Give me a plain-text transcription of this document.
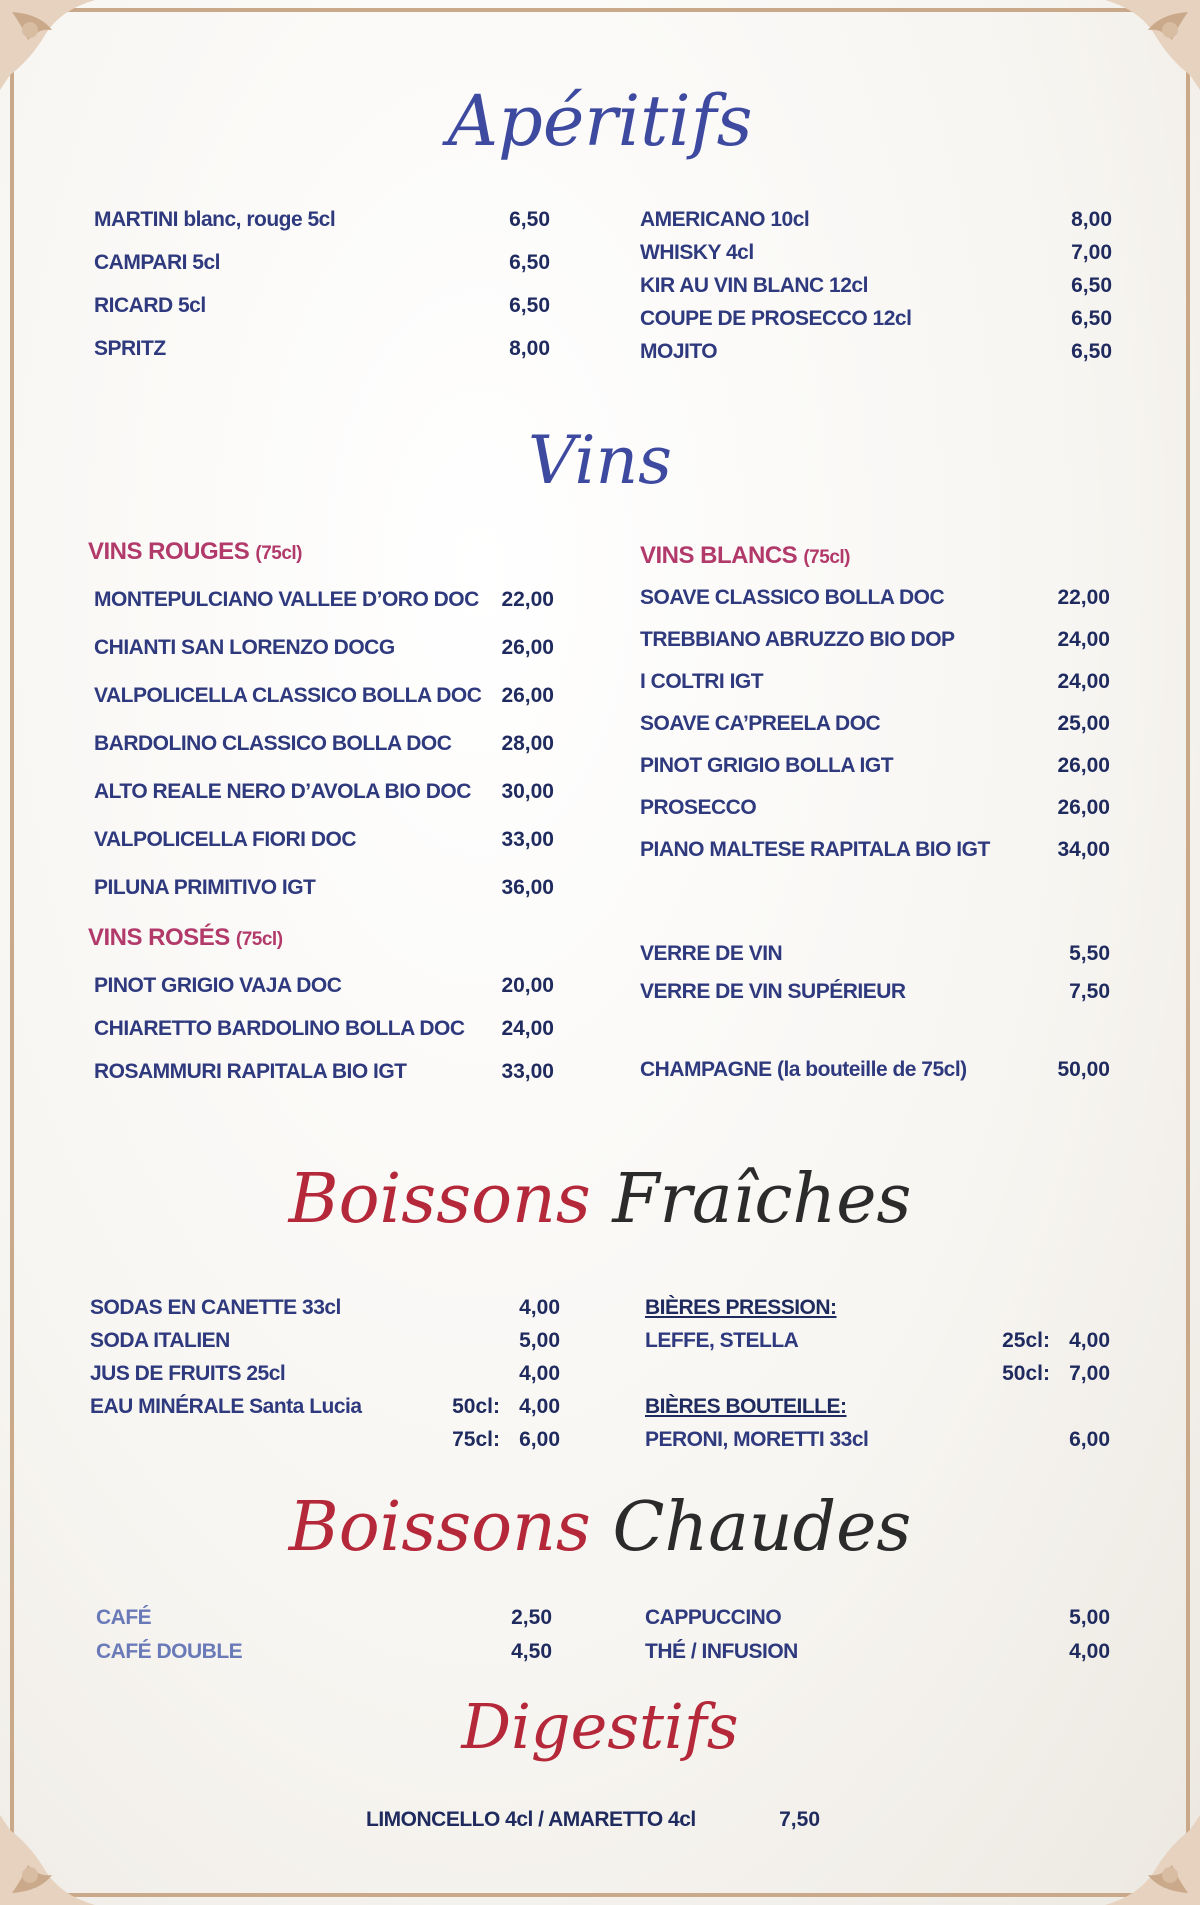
Apéritifs
MARTINI blanc, rouge 5cl	6,50
CAMPARI 5cl	6,50
RICARD 5cl	6,50
SPRITZ	8,00
AMERICANO 10cl	8,00
WHISKY 4cl	7,00
KIR AU VIN BLANC 12cl	6,50
COUPE DE PROSECCO 12cl	6,50
MOJITO	6,50
Vins
VINS ROUGES (75cl)
MONTEPULCIANO VALLEE D’ORO DOC 22,00
CHIANTI SAN LORENZO DOCG	26,00
VALPOLICELLA CLASSICO BOLLA DOC 26,00
BARDOLINO CLASSICO BOLLA DOC 28,00
ALTO REALE NERO D’AVOLA BIO DOC 30,00
VALPOLICELLA FIORI DOC	33,00
PILUNA PRIMITIVO IGT	36,00
VINS ROSÉS (75cl)
PINOT GRIGIO VAJA DOC	20,00
CHIARETTO BARDOLINO BOLLA DOC 24,00
ROSAMMURI RAPITALA BIO IGT	33,00
VINS BLANCS (75cl)
SOAVE CLASSICO BOLLA DOC	22,00
TREBBIANO ABRUZZO BIO DOP	24,00
I COLTRI IGT	24,00
SOAVE CA’PREELA DOC	25,00
PINOT GRIGIO BOLLA IGT	26,00
PROSECCO	26,00
PIANO MALTESE RAPITALA BIO IGT	34,00
VERRE DE VIN	5,50
VERRE DE VIN SUPÉRIEUR	7,50
CHAMPAGNE (la bouteille de 75cl)	50,00
Boissons Fraîches
SODAS EN CANETTE 33cl	4,00
SODA ITALIEN	5,00
JUS DE FRUITS 25cl	4,00
EAU MINÉRALE Santa Lucia	50cl: 4,00
75cl: 6,00
BIÈRES PRESSION:
LEFFE, STELLA	25cl: 4,00
50cl: 7,00
BIÈRES BOUTEILLE:
PERONI, MORETTI 33cl	6,00
Boissons Chaudes
CAFÉ	2,50
CAFÉ DOUBLE	4,50
CAPPUCCINO	5,00
THÉ / INFUSION	4,00
Digestifs
LIMONCELLO 4cl / AMARETTO 4cl	7,50
